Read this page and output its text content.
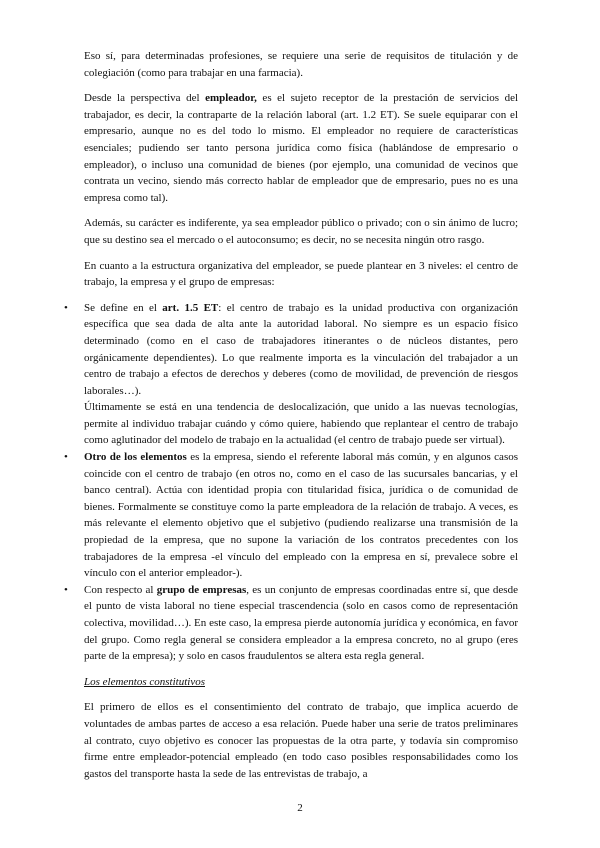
Eso sí, para determinadas profesiones, se requiere una serie de requisitos de titulación y de colegiación (como para trabajar en una farmacia).

Desde la perspectiva del empleador, es el sujeto receptor de la prestación de servicios del trabajador, es decir, la contraparte de la relación laboral (art. 1.2 ET). Se suele equiparar con el empresario, aunque no es del todo lo mismo. El empleador no requiere de características esenciales; pudiendo ser tanto persona jurídica como física (hablándose de empresario o empleador), o incluso una comunidad de bienes (por ejemplo, una comunidad de vecinos que contrata un vecino, siendo más correcto hablar de empleador que de empresario, pues no es una empresa como tal).

Además, su carácter es indiferente, ya sea empleador público o privado; con o sin ánimo de lucro; que su destino sea el mercado o el autoconsumo; es decir, no se necesita ningún otro rasgo.

En cuanto a la estructura organizativa del empleador, se puede plantear en 3 niveles: el centro de trabajo, la empresa y el grupo de empresas:

• Se define en el art. 1.5 ET: el centro de trabajo es la unidad productiva con organización específica que sea dada de alta ante la autoridad laboral. No siempre es un espacio físico determinado (como en el caso de trabajadores itinerantes o de núcleos distantes, pero orgánicamente dependientes). Lo que realmente importa es la vinculación del trabajador a un centro de trabajo a efectos de derechos y deberes (como de movilidad, de prevención de riesgos laborales…).

Últimamente se está en una tendencia de deslocalización, que unido a las nuevas tecnologías, permite al individuo trabajar cuándo y cómo quiere, habiendo que replantear el centro de trabajo como aglutinador del modelo de trabajo en la actualidad (el centro de trabajo puede ser virtual).

• Otro de los elementos es la empresa, siendo el referente laboral más común, y en algunos casos coincide con el centro de trabajo (en otros no, como en el caso de las sucursales bancarias, y el banco central). Actúa con identidad propia con titularidad física, jurídica o de comunidad de bienes. Formalmente se constituye como la parte empleadora de la relación de trabajo. A veces, es más relevante el elemento objetivo que el subjetivo (pudiendo realizarse una transmisión de la propiedad de la empresa, que no supone la variación de los contratos precedentes con los trabajadores de la empresa -el vínculo del empleado con la empresa en sí, prevalece sobre el vínculo con el anterior empleador-).

• Con respecto al grupo de empresas, es un conjunto de empresas coordinadas entre sí, que desde el punto de vista laboral no tiene especial trascendencia (solo en casos como de representación colectiva, movilidad…). En este caso, la empresa pierde autonomía jurídica y económica, en favor del grupo. Como regla general se considera empleador a la empresa concreto, no al grupo (eres parte de la empresa); y solo en casos fraudulentos se altera esta regla general.

Los elementos constitutivos

El primero de ellos es el consentimiento del contrato de trabajo, que implica acuerdo de voluntades de ambas partes de acceso a esa relación. Puede haber una serie de tratos preliminares al contrato, cuyo objetivo es conocer las propuestas de la otra parte, y todavía sin compromiso firme entre empleador-potencial empleado (en todo caso posibles responsabilidades como los gastos del transporte hasta la sede de las entrevistas de trabajo, a

2
